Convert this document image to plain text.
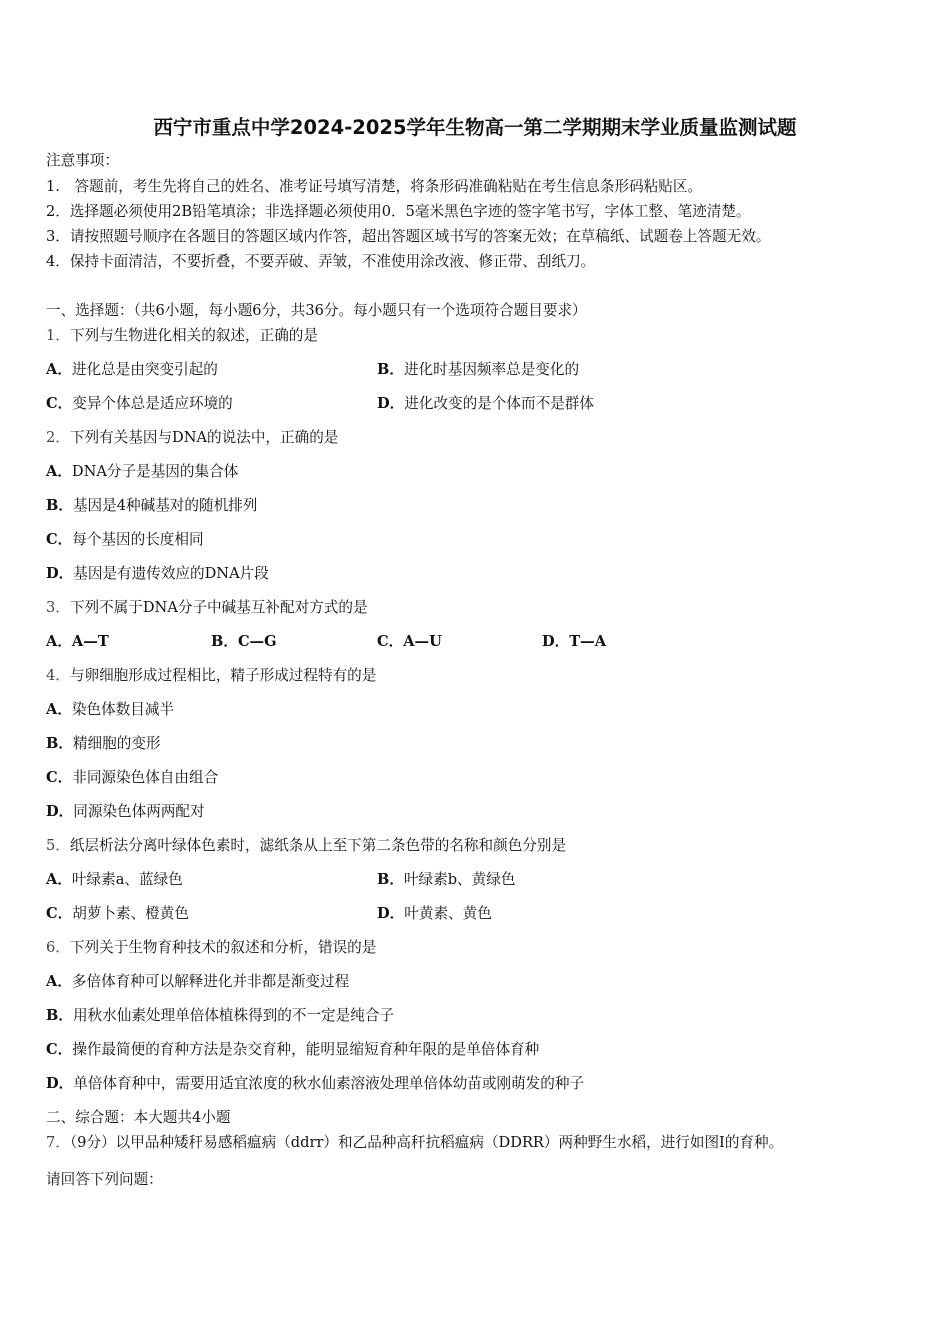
西宁市重点中学2024-2025学年生物高一第二学期期末学业质量监测试题
注意事项：
1.　答题前，考生先将自己的姓名、准考证号填写清楚，将条形码准确粘贴在考生信息条形码粘贴区。
2．选择题必须使用2B铅笔填涂；非选择题必须使用0．5毫米黑色字迹的签字笔书写，字体工整、笔迹清楚。
3．请按照题号顺序在各题目的答题区域内作答，超出答题区域书写的答案无效；在草稿纸、试题卷上答题无效。
4．保持卡面清洁，不要折叠，不要弄破、弄皱，不准使用涂改液、修正带、刮纸刀。
一、选择题：（共6小题，每小题6分，共36分。每小题只有一个选项符合题目要求）
1．下列与生物进化相关的叙述，正确的是
A．进化总是由突变引起的	B．进化时基因频率总是变化的
C．变异个体总是适应环境的	D．进化改变的是个体而不是群体
2．下列有关基因与DNA的说法中，正确的是
A．DNA分子是基因的集合体
B．基因是4种碱基对的随机排列
C．每个基因的长度相同
D．基因是有遗传效应的DNA片段
3．下列不属于DNA分子中碱基互补配对方式的是
A．A—T	B．C—G	C．A—U	D．T—A
4．与卵细胞形成过程相比，精子形成过程特有的是
A．染色体数目减半
B．精细胞的变形
C．非同源染色体自由组合
D．同源染色体两两配对
5．纸层析法分离叶绿体色素时，滤纸条从上至下第二条色带的名称和颜色分别是
A．叶绿素a、蓝绿色	B．叶绿素b、黄绿色
C．胡萝卜素、橙黄色	D．叶黄素、黄色
6．下列关于生物育种技术的叙述和分析，错误的是
A．多倍体育种可以解释进化并非都是渐变过程
B．用秋水仙素处理单倍体植株得到的不一定是纯合子
C．操作最简便的育种方法是杂交育种，能明显缩短育种年限的是单倍体育种
D．单倍体育种中，需要用适宜浓度的秋水仙素溶液处理单倍体幼苗或刚萌发的种子
二、综合题：本大题共4小题
7．（9分）以甲品种矮秆易感稻瘟病（ddrr）和乙品种高秆抗稻瘟病（DDRR）两种野生水稻，进行如图I的育种。
请回答下列问题：
